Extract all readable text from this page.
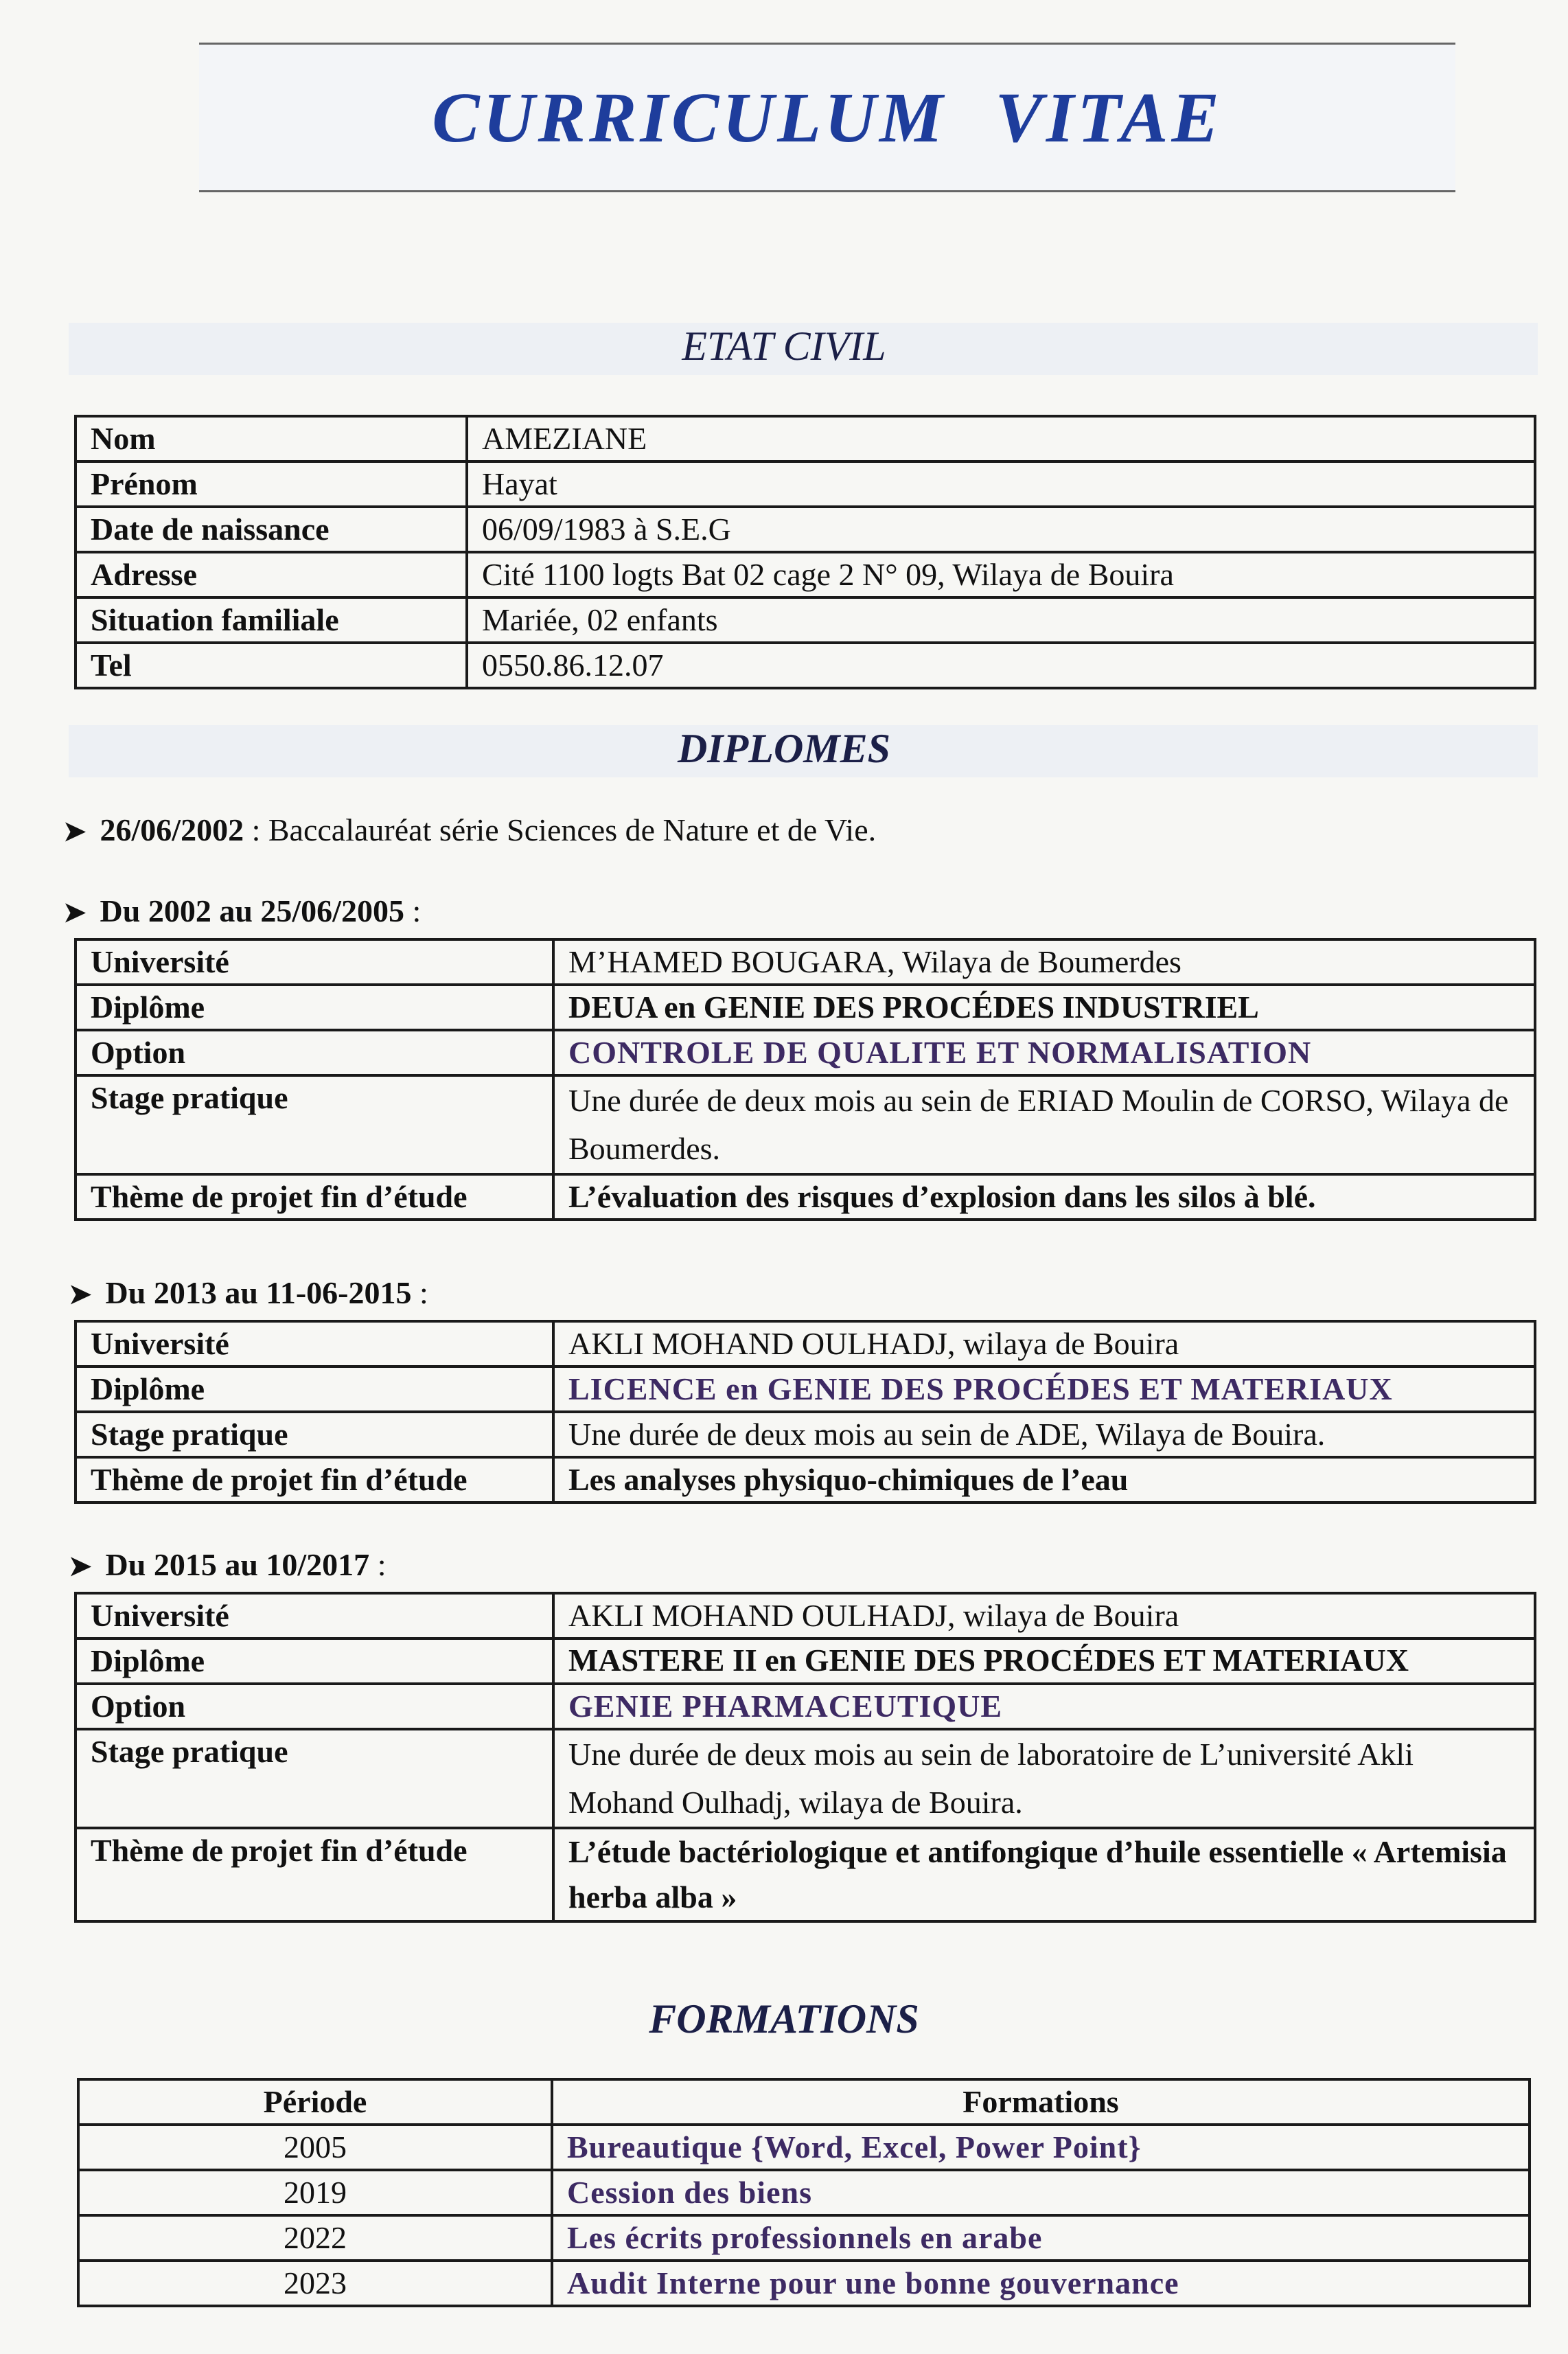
CURRICULUM VITAE
ETAT CIVIL
Nom	AMEZIANE
Prénom	Hayat
Date de naissance	06/09/1983 à S.E.G
Adresse	Cité 1100 logts Bat 02 cage 2 N° 09, Wilaya de Bouira
Situation familiale	Mariée, 02 enfants
Tel	0550.86.12.07
DIPLOMES
➤ 26/06/2002 : Baccalauréat série Sciences de Nature et de Vie.
➤ Du 2002 au 25/06/2005 :
Université	M’HAMED BOUGARA, Wilaya de Boumerdes
Diplôme	DEUA en GENIE DES PROCÉDES INDUSTRIEL
Option	CONTROLE DE QUALITE ET NORMALISATION
Stage pratique	Une durée de deux mois au sein de ERIAD Moulin de CORSO, Wilaya de Boumerdes.
Thème de projet fin d’étude	L’évaluation des risques d’explosion dans les silos à blé.
➤ Du 2013 au 11-06-2015 :
Université	AKLI MOHAND OULHADJ, wilaya de Bouira
Diplôme	LICENCE en GENIE DES PROCÉDES ET MATERIAUX
Stage pratique	Une durée de deux mois au sein de ADE, Wilaya de Bouira.
Thème de projet fin d’étude	Les analyses physiquo-chimiques de l’eau
➤ Du 2015 au 10/2017 :
Université	AKLI MOHAND OULHADJ, wilaya de Bouira
Diplôme	MASTERE II en GENIE DES PROCÉDES ET MATERIAUX
Option	GENIE PHARMACEUTIQUE
Stage pratique	Une durée de deux mois au sein de laboratoire de L’université Akli Mohand Oulhadj, wilaya de Bouira.
Thème de projet fin d’étude	L’étude bactériologique et antifongique d’huile essentielle « Artemisia herba alba »
FORMATIONS
Période	Formations
2005	Bureautique {Word, Excel, Power Point}
2019	Cession des biens
2022	Les écrits professionnels en arabe
2023	Audit Interne pour une bonne gouvernance
